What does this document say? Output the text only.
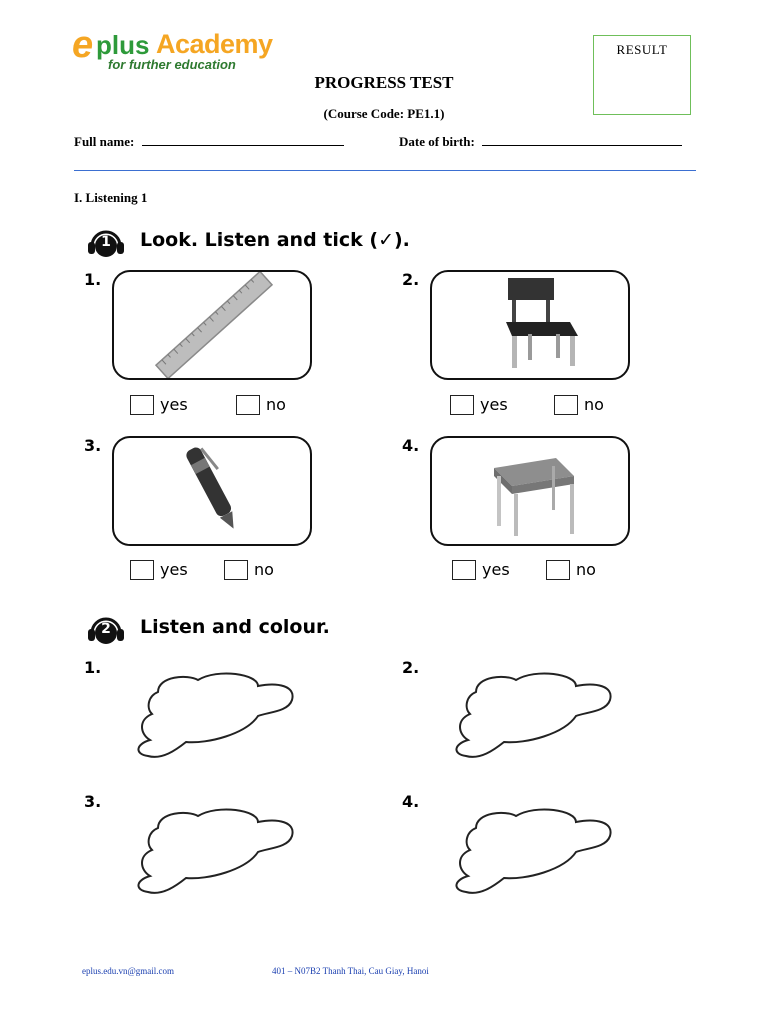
e plus Academy
for further education
RESULT
PROGRESS TEST
(Course Code: PE1.1)
Full name:	Date of birth:
I. Listening 1
1	Look. Listen and tick (✓).
1.
yes	no
2.
yes	no
3.
yes	no
4.
yes	no
2	Listen and colour.
1.	2.
3.	4.
eplus.edu.vn@gmail.com	401 – N07B2 Thanh Thai, Cau Giay, Hanoi
